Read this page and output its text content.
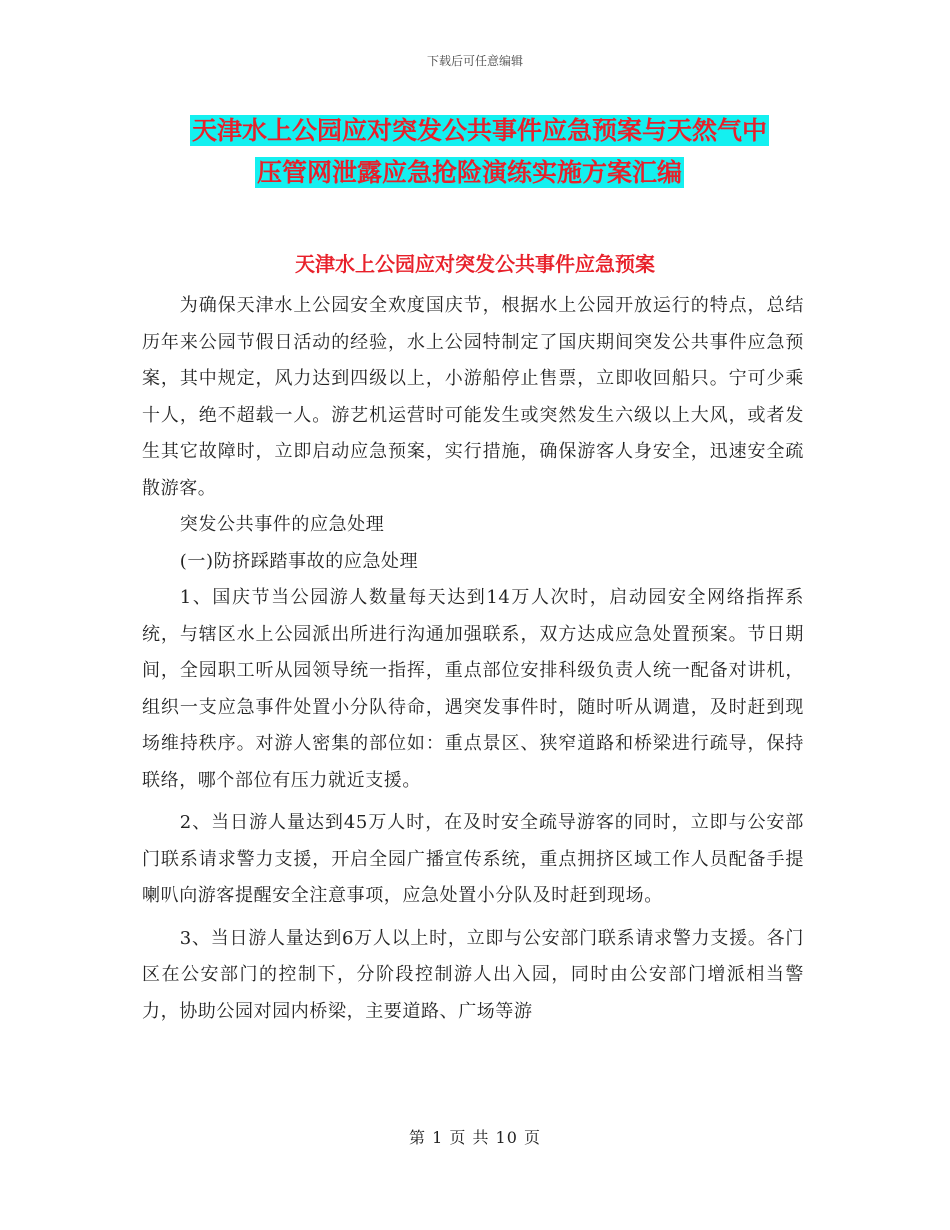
下载后可任意编辑
天津水上公园应对突发公共事件应急预案与天然气中
压管网泄露应急抢险演练实施方案汇编
天津水上公园应对突发公共事件应急预案

为确保天津水上公园安全欢度国庆节，根据水上公园开放运行的特点，总结历年来公园节假日活动的经验，水上公园特制定了国庆期间突发公共事件应急预案，其中规定，风力达到四级以上，小游船停止售票，立即收回船只。宁可少乘十人，绝不超载一人。游艺机运营时可能发生或突然发生六级以上大风，或者发生其它故障时，立即启动应急预案，实行措施，确保游客人身安全，迅速安全疏散游客。

突发公共事件的应急处理

(一)防挤踩踏事故的应急处理

1、国庆节当公园游人数量每天达到14万人次时，启动园安全网络指挥系统，与辖区水上公园派出所进行沟通加强联系，双方达成应急处置预案。节日期间，全园职工听从园领导统一指挥，重点部位安排科级负责人统一配备对讲机，组织一支应急事件处置小分队待命，遇突发事件时，随时听从调遣，及时赶到现场维持秩序。对游人密集的部位如：重点景区、狭窄道路和桥梁进行疏导，保持联络，哪个部位有压力就近支援。

2、当日游人量达到45万人时，在及时安全疏导游客的同时，立即与公安部门联系请求警力支援，开启全园广播宣传系统，重点拥挤区域工作人员配备手提喇叭向游客提醒安全注意事项，应急处置小分队及时赶到现场。

3、当日游人量达到6万人以上时，立即与公安部门联系请求警力支援。各门区在公安部门的控制下，分阶段控制游人出入园，同时由公安部门增派相当警力，协助公园对园内桥梁，主要道路、广场等游

第 1 页 共 10 页
